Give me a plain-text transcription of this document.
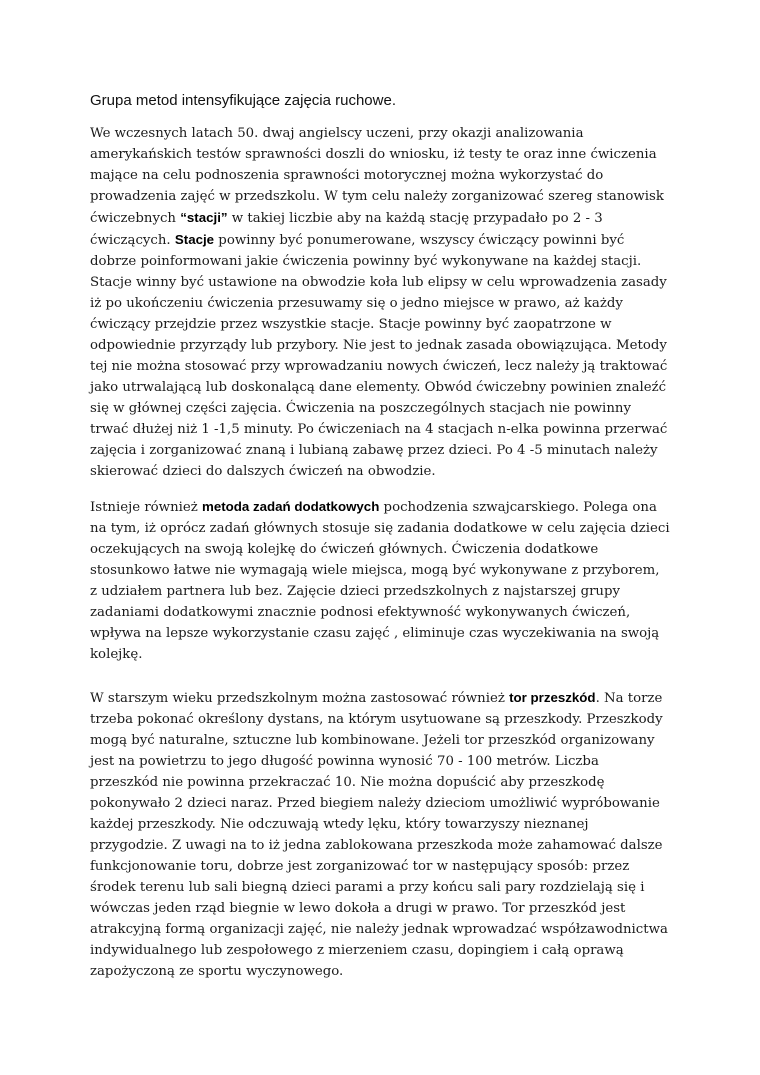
Grupa metod intensyfikujące zajęcia ruchowe.

We wczesnych latach 50. dwaj angielscy uczeni, przy okazji analizowania amerykańskich testów sprawności doszli do wniosku, iż testy te oraz inne ćwiczenia mające na celu podnoszenia sprawności motorycznej można wykorzystać do prowadzenia zajęć w przedszkolu. W tym celu należy zorganizować szereg stanowisk ćwiczebnych “stacji” w takiej liczbie aby na każdą stację przypadało po 2 - 3 ćwiczących. Stacje powinny być ponumerowane, wszyscy ćwiczący powinni być dobrze poinformowani jakie ćwiczenia powinny być wykonywane na każdej stacji. Stacje winny być ustawione na obwodzie koła lub elipsy w celu wprowadzenia zasady iż po ukończeniu ćwiczenia przesuwamy się o jedno miejsce w prawo, aż każdy ćwiczący przejdzie przez wszystkie stacje. Stacje powinny być zaopatrzone w odpowiednie przyrządy lub przybory. Nie jest to jednak zasada obowiązująca. Metody tej nie można stosować przy wprowadzaniu nowych ćwiczeń, lecz należy ją traktować jako utrwalającą lub doskonalącą dane elementy. Obwód ćwiczebny powinien znaleźć się w głównej części zajęcia. Ćwiczenia na poszczególnych stacjach nie powinny trwać dłużej niż 1 -1,5 minuty. Po ćwiczeniach na 4 stacjach n-elka powinna przerwać zajęcia i zorganizować znaną i lubianą zabawę przez dzieci. Po 4 -5 minutach należy skierować dzieci do dalszych ćwiczeń na obwodzie.

Istnieje również metoda zadań dodatkowych pochodzenia szwajcarskiego. Polega ona na tym, iż oprócz zadań głównych stosuje się zadania dodatkowe w celu zajęcia dzieci oczekujących na swoją kolejkę do ćwiczeń głównych. Ćwiczenia dodatkowe stosunkowo łatwe nie wymagają wiele miejsca, mogą być wykonywane z przyborem, z udziałem partnera lub bez. Zajęcie dzieci przedszkolnych z najstarszej grupy zadaniami dodatkowymi znacznie podnosi efektywność wykonywanych ćwiczeń, wpływa na lepsze wykorzystanie czasu zajęć , eliminuje czas wyczekiwania na swoją kolejkę.

W starszym wieku przedszkolnym można zastosować również tor przeszkód. Na torze trzeba pokonać określony dystans, na którym usytuowane są przeszkody. Przeszkody mogą być naturalne, sztuczne lub kombinowane. Jeżeli tor przeszkód organizowany jest na powietrzu to jego długość powinna wynosić 70 - 100 metrów. Liczba przeszkód nie powinna przekraczać 10. Nie można dopuścić aby przeszkodę pokonywało 2 dzieci naraz. Przed biegiem należy dzieciom umożliwić wypróbowanie każdej przeszkody. Nie odczuwają wtedy lęku, który towarzyszy nieznanej przygodzie. Z uwagi na to iż jedna zablokowana przeszkoda może zahamować dalsze funkcjonowanie toru, dobrze jest zorganizować tor w następujący sposób: przez środek terenu lub sali biegną dzieci parami a przy końcu sali pary rozdzielają się i wówczas jeden rząd biegnie w lewo dokoła a drugi w prawo. Tor przeszkód jest atrakcyjną formą organizacji zajęć, nie należy jednak wprowadzać współzawodnictwa indywidualnego lub zespołowego z mierzeniem czasu, dopingiem i całą oprawą zapożyczoną ze sportu wyczynowego.
